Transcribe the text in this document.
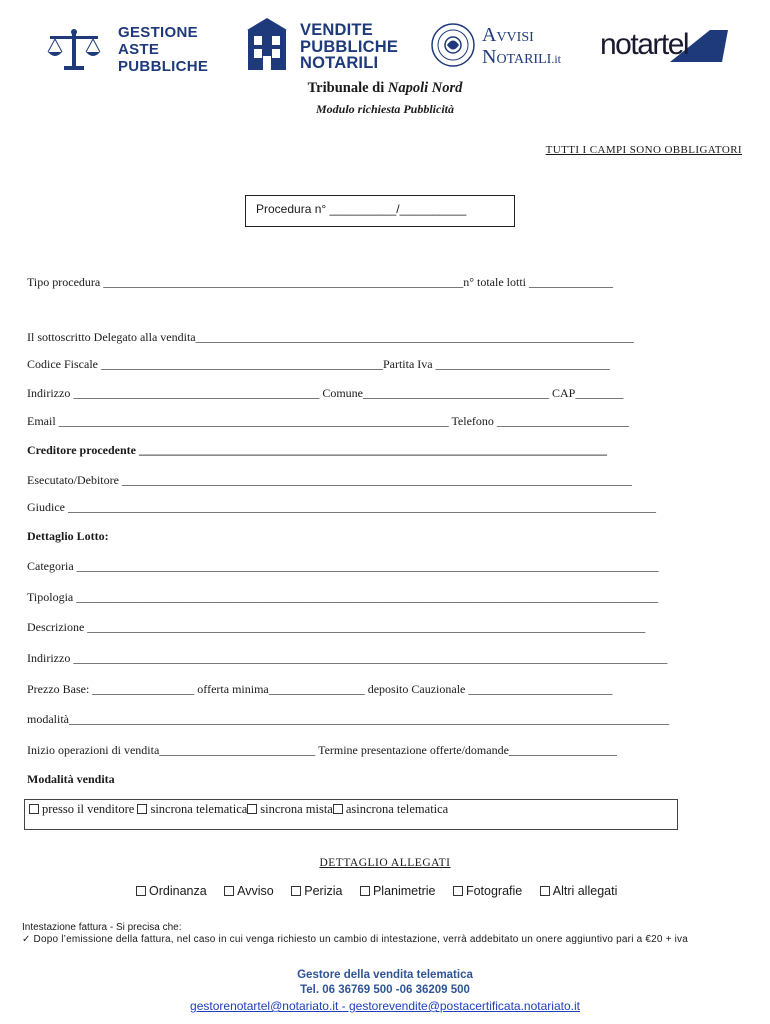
GESTIONE
ASTE
PUBBLICHE
VENDITE
PUBBLICHE
NOTARILI
Avvisi
Notarili.it notartel
Tribunale di Napoli Nord
Modulo richiesta Pubblicità
TUTTI I CAMPI SONO OBBLIGATORI
Procedura n° __________/__________
Tipo procedura ____________________________________________________________n° totale lotti ______________
Il sottoscritto Delegato alla vendita_________________________________________________________________________
Codice Fiscale _______________________________________________Partita Iva _____________________________
Indirizzo _________________________________________ Comune_______________________________ CAP________
Email _________________________________________________________________ Telefono ______________________
Creditore procedente ______________________________________________________________________________
Esecutato/Debitore _____________________________________________________________________________________
Giudice __________________________________________________________________________________________________
Dettaglio Lotto:
Categoria _________________________________________________________________________________________________
Tipologia _________________________________________________________________________________________________
Descrizione _____________________________________________________________________________________________
Indirizzo ___________________________________________________________________________________________________
Prezzo Base: _________________ offerta minima________________ deposito Cauzionale ________________________
modalità____________________________________________________________________________________________________
Inizio operazioni di vendita__________________________ Termine presentazione offerte/domande__________________
Modalità vendita
presso il venditore sincrona telematica sincrona mista asincrona telematica
DETTAGLIO ALLEGATI
Ordinanza Avviso Perizia Planimetrie Fotografie Altri allegati
Intestazione fattura - Si precisa che:
✓ Dopo l’emissione della fattura, nel caso in cui venga richiesto un cambio di intestazione, verrà addebitato un onere aggiuntivo pari a €20 + iva
Gestore della vendita telematica
Tel. 06 36769 500 -06 36209 500
gestorenotartel@notariato.it - gestorevendite@postacertificata.notariato.it
